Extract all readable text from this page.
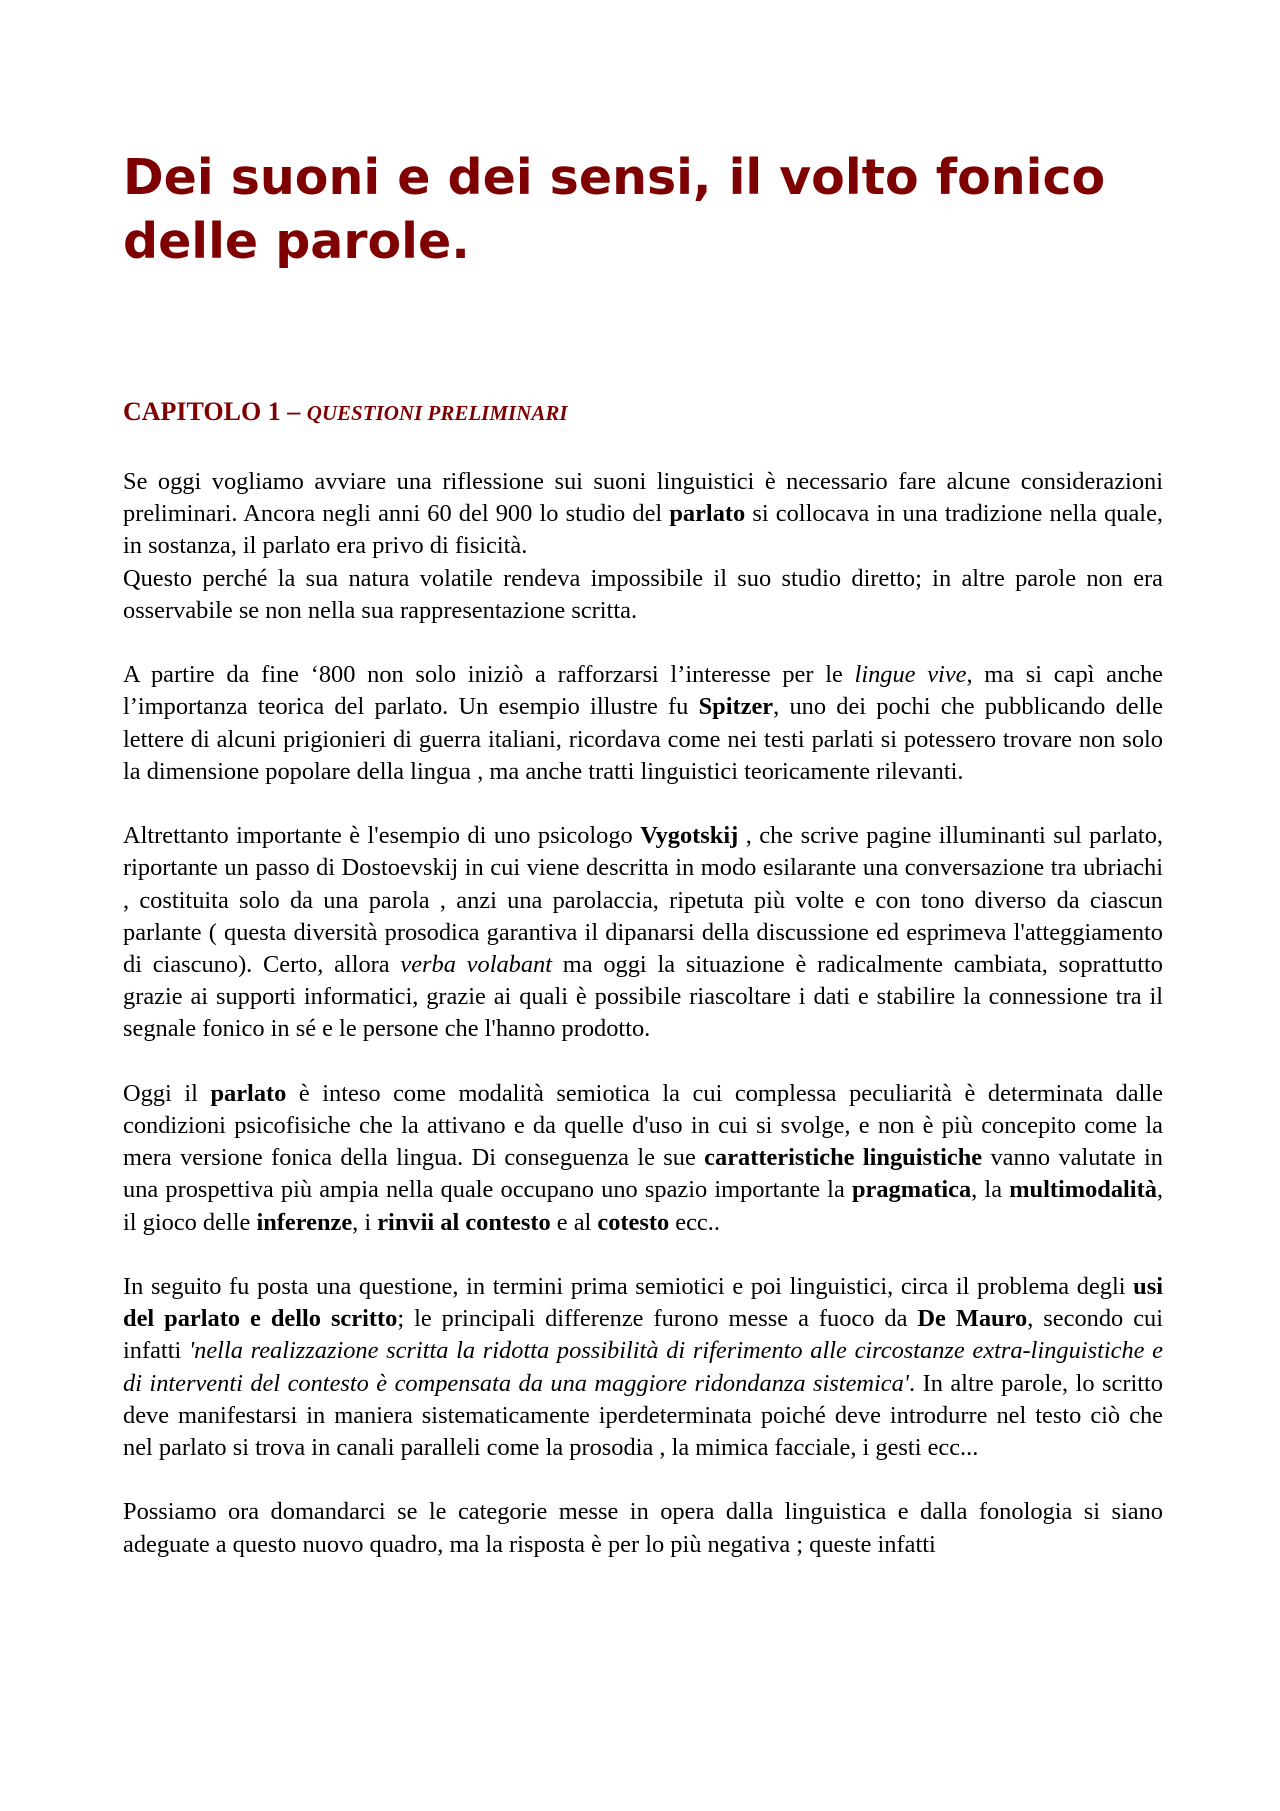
Dei suoni e dei sensi, il volto fonico delle parole.
CAPITOLO 1 – QUESTIONI PRELIMINARI

Se oggi vogliamo avviare una riflessione sui suoni linguistici è necessario fare alcune considerazioni preliminari. Ancora negli anni 60 del 900 lo studio del parlato si collocava in una tradizione nella quale, in sostanza, il parlato era privo di fisicità.

Questo perché la sua natura volatile rendeva impossibile il suo studio diretto; in altre parole non era osservabile se non nella sua rappresentazione scritta.

A partire da fine ‘800 non solo iniziò a rafforzarsi l’interesse per le lingue vive, ma si capì anche l’importanza teorica del parlato. Un esempio illustre fu Spitzer, uno dei pochi che pubblicando delle lettere di alcuni prigionieri di guerra italiani, ricordava come nei testi parlati si potessero trovare non solo la dimensione popolare della lingua , ma anche tratti linguistici teoricamente rilevanti.

Altrettanto importante è l'esempio di uno psicologo Vygotskij , che scrive pagine illuminanti sul parlato, riportante un passo di Dostoevskij in cui viene descritta in modo esilarante una conversazione tra ubriachi , costituita solo da una parola , anzi una parolaccia, ripetuta più volte e con tono diverso da ciascun parlante ( questa diversità prosodica garantiva il dipanarsi della discussione ed esprimeva l'atteggiamento di ciascuno). Certo, allora verba volabant ma oggi la situazione è radicalmente cambiata, soprattutto grazie ai supporti informatici, grazie ai quali è possibile riascoltare i dati e stabilire la connessione tra il segnale fonico in sé e le persone che l'hanno prodotto.

Oggi il parlato è inteso come modalità semiotica la cui complessa peculiarità è determinata dalle condizioni psicofisiche che la attivano e da quelle d'uso in cui si svolge, e non è più concepito come la mera versione fonica della lingua. Di conseguenza le sue caratteristiche linguistiche vanno valutate in una prospettiva più ampia nella quale occupano uno spazio importante la pragmatica, la multimodalità, il gioco delle inferenze, i rinvii al contesto e al cotesto ecc..

In seguito fu posta una questione, in termini prima semiotici e poi linguistici, circa il problema degli usi del parlato e dello scritto; le principali differenze furono messe a fuoco da De Mauro, secondo cui infatti 'nella realizzazione scritta la ridotta possibilità di riferimento alle circostanze extra-linguistiche e di interventi del contesto è compensata da una maggiore ridondanza sistemica'. In altre parole, lo scritto deve manifestarsi in maniera sistematicamente iperdeterminata poiché deve introdurre nel testo ciò che nel parlato si trova in canali paralleli come la prosodia , la mimica facciale, i gesti ecc...

Possiamo ora domandarci se le categorie messe in opera dalla linguistica e dalla fonologia si siano adeguate a questo nuovo quadro, ma la risposta è per lo più negativa ; queste infatti
